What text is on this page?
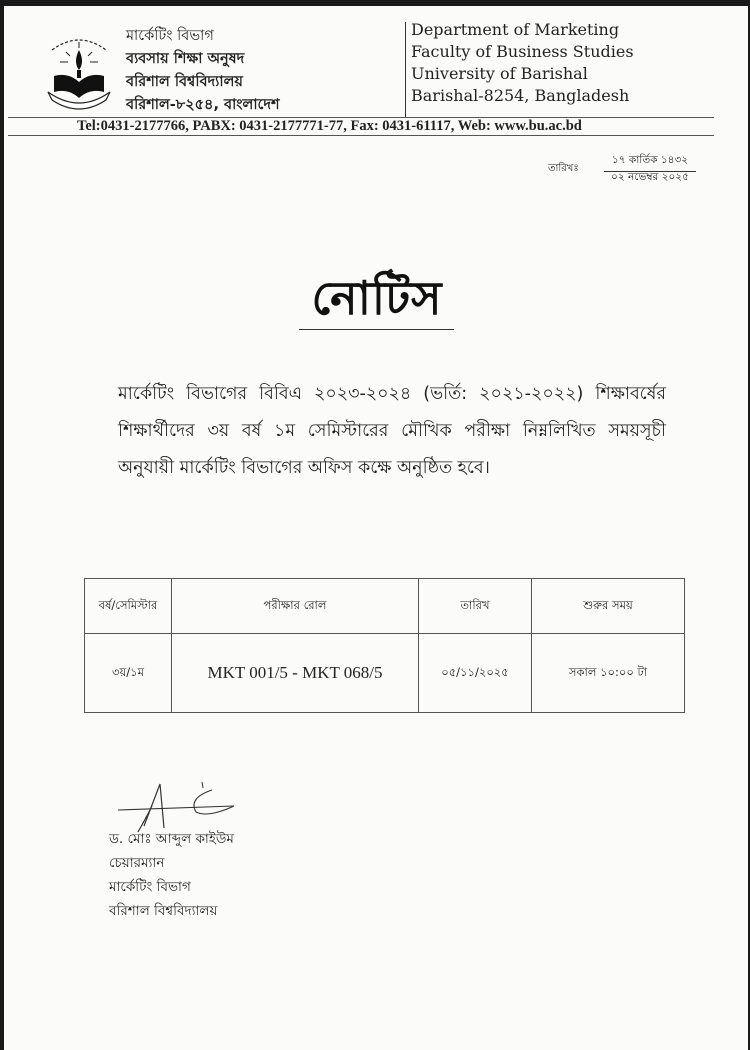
মার্কেটিং বিভাগ
ব্যবসায় শিক্ষা অনুষদ
বরিশাল বিশ্ববিদ্যালয়
বরিশাল-৮২৫৪, বাংলাদেশ
Department of Marketing
Faculty of Business Studies
University of Barishal
Barishal-8254, Bangladesh
Tel:0431-2177766, PABX: 0431-2177771-77, Fax: 0431-61117, Web: www.bu.ac.bd
তারিখঃ
১৭ কার্তিক ১৪৩২
০২ নভেম্বর ২০২৫
নোটিস
মার্কেটিং বিভাগের বিবিএ ২০২৩-২০২৪ (ভর্তি: ২০২১-২০২২) শিক্ষাবর্ষের শিক্ষার্থীদের ৩য় বর্ষ ১ম সেমিস্টারের মৌখিক পরীক্ষা নিম্নলিখিত সময়সূচী অনুযায়ী মার্কেটিং বিভাগের অফিস কক্ষে অনুষ্ঠিত হবে।
বর্ষ/সেমিস্টার	পরীক্ষার রোল	তারিখ	শুরুর সময়
৩য়/১ম	MKT 001/5 - MKT 068/5	০৫/১১/২০২৫	সকাল ১০:০০ টা
ড. মোঃ আব্দুল কাইউম
চেয়ারম্যান
মার্কেটিং বিভাগ
বরিশাল বিশ্ববিদ্যালয়
